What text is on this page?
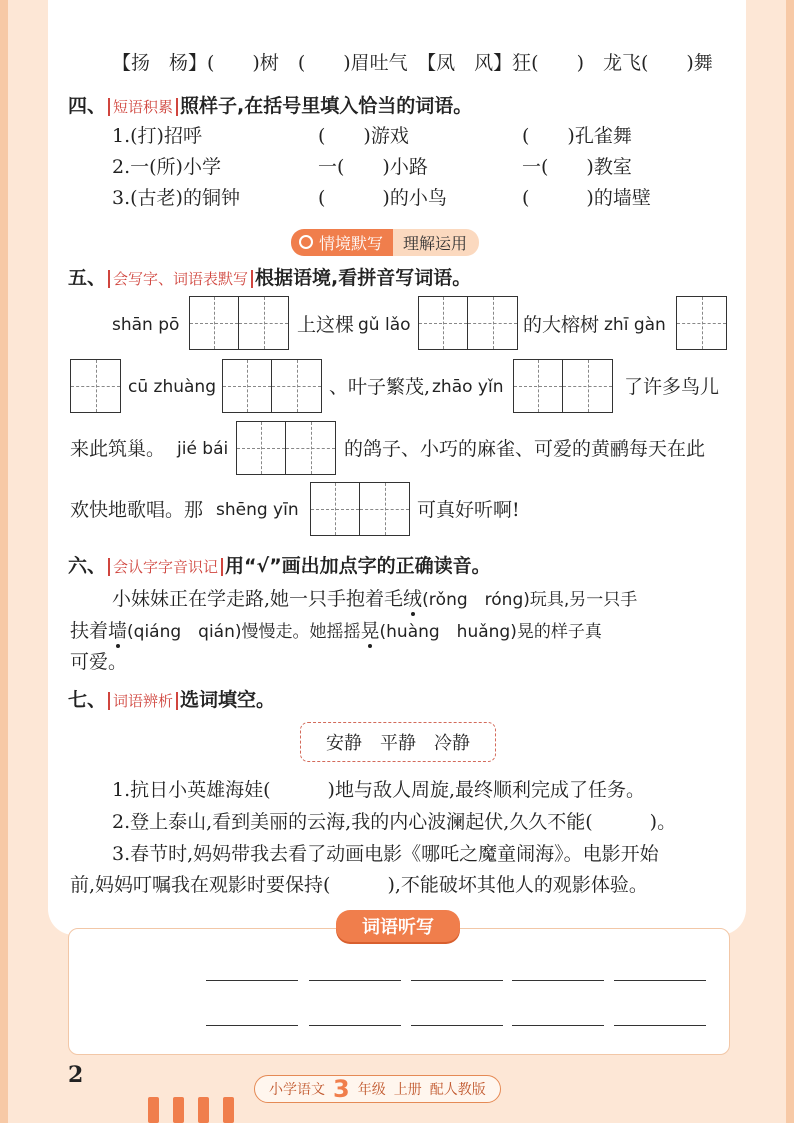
【扬　杨】(　　)树　(　　)眉吐气　【凤　风】狂(　　)　龙飞(　　)舞
四、 短语积累 照样子,在括号里填入恰当的词语。
1.(打)招呼	(　　)游戏	(　　)孔雀舞
2.一(所)小学	一(　　)小路	一(　　)教室
3.(古老)的铜钟	(　　　)的小鸟	(　　　)的墙壁
情境默写	理解运用
五、 会写字、词语表默写 根据语境,看拼音写词语。
shān pō	上这棵 gǔ lǎo	的大榕树 zhī gàn
cū zhuàng	、叶子繁茂, zhāo yǐn	了许多鸟儿
来此筑巢。 jié bái	的鸽子、小巧的麻雀、可爱的黄鹂每天在此
欢快地歌唱。那 shēng yīn	可真好听啊!
六、 会认字字音识记 用“√”画出加点字的正确读音。
小妹妹正在学走路,她一只手抱着毛绒(rǒng　róng)玩具,另一只手
扶着墙(qiáng　qián)慢慢走。她摇摇晃(huàng　huǎng)晃的样子真
可爱。
七、 词语辨析 选词填空。
安静　平静　冷静
1.抗日小英雄海娃(　　　)地与敌人周旋,最终顺利完成了任务。
2.登上泰山,看到美丽的云海,我的内心波澜起伏,久久不能(　　　)。
3.春节时,妈妈带我去看了动画电影《哪吒之魔童闹海》。电影开始
前,妈妈叮嘱我在观影时要保持(　　　),不能破坏其他人的观影体验。
词语听写
2
小学语文 3 年级 上册 配人教版
